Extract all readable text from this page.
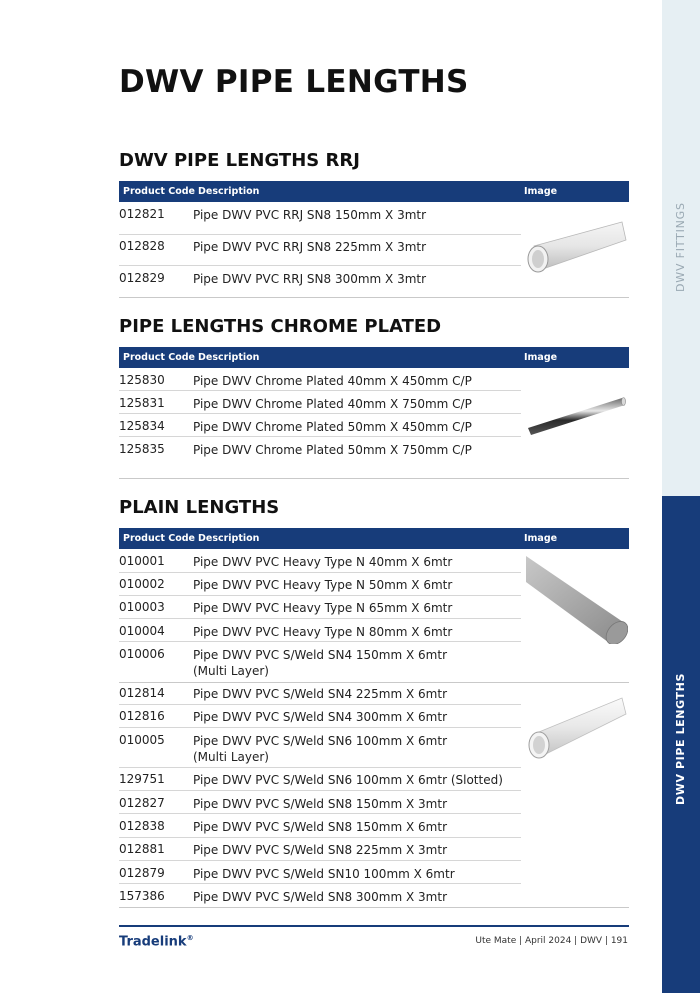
DWV FITTINGS
DWV PIPE LENGTHS
DWV PIPE LENGTHS
DWV PIPE LENGTHS RRJ
Product Code Description	Image
012821 Pipe DWV PVC RRJ SN8 150mm X 3mtr
012828 Pipe DWV PVC RRJ SN8 225mm X 3mtr
012829 Pipe DWV PVC RRJ SN8 300mm X 3mtr
PIPE LENGTHS CHROME PLATED
Product Code Description	Image
125830 Pipe DWV Chrome Plated 40mm X 450mm C/P
125831 Pipe DWV Chrome Plated 40mm X 750mm C/P
125834 Pipe DWV Chrome Plated 50mm X 450mm C/P
125835 Pipe DWV Chrome Plated 50mm X 750mm C/P
PLAIN LENGTHS
Product Code Description	Image
010001 Pipe DWV PVC Heavy Type N 40mm X 6mtr
010002 Pipe DWV PVC Heavy Type N 50mm X 6mtr
010003 Pipe DWV PVC Heavy Type N 65mm X 6mtr
010004 Pipe DWV PVC Heavy Type N 80mm X 6mtr
010006 Pipe DWV PVC S/Weld SN4 150mm X 6mtr
(Multi Layer)
012814 Pipe DWV PVC S/Weld SN4 225mm X 6mtr
012816 Pipe DWV PVC S/Weld SN4 300mm X 6mtr
010005 Pipe DWV PVC S/Weld SN6 100mm X 6mtr
(Multi Layer)
129751 Pipe DWV PVC S/Weld SN6 100mm X 6mtr (Slotted)
012827 Pipe DWV PVC S/Weld SN8 150mm X 3mtr
012838 Pipe DWV PVC S/Weld SN8 150mm X 6mtr
012881 Pipe DWV PVC S/Weld SN8 225mm X 3mtr
012879 Pipe DWV PVC S/Weld SN10 100mm X 6mtr
157386 Pipe DWV PVC S/Weld SN8 300mm X 3mtr
Tradelink®	Ute Mate | April 2024 | DWV | 191
